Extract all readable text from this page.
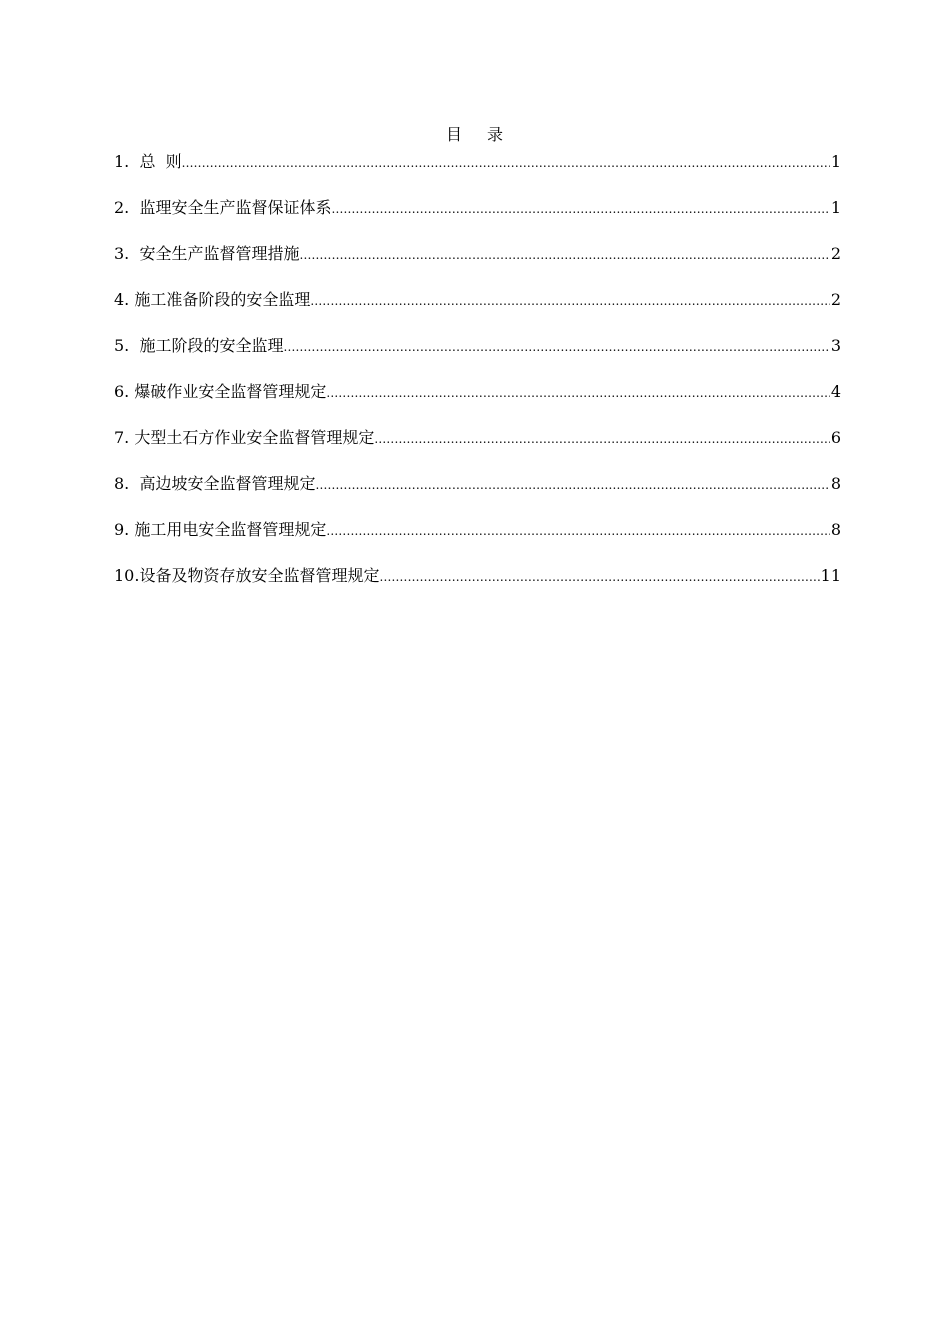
目 录
1. 总  则 .....	1
2. 监理安全生产监督保证体系 .....	1
3. 安全生产监督管理措施 .....	2
4. 施工准备阶段的安全监理 .....	2
5. 施工阶段的安全监理 .....	3
6. 爆破作业安全监督管理规定 .....	4
7. 大型土石方作业安全监督管理规定 .....	6
8. 高边坡安全监督管理规定 .....	8
9. 施工用电安全监督管理规定 .....	8
10. 设备及物资存放安全监督管理规定 .....	11
